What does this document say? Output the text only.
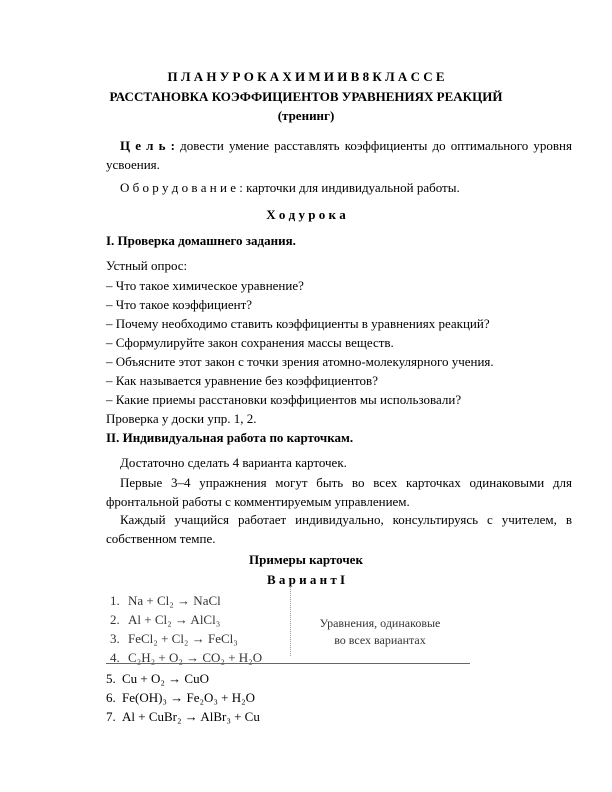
П Л А Н У Р О К А Х И М И И В 8 К Л А С С Е
РАССТАНОВКА КОЭФФИЦИЕНТОВ УРАВНЕНИЯХ РЕАКЦИЙ
(тренинг)
Ц е л ь : довести умение расставлять коэффициенты до оптимального уровня усвоения.
О б о р у д о в а н и е : карточки для индивидуальной работы.
Х о д у р о к а
I. Проверка домашнего задания.
Устный опрос:
– Что такое химическое уравнение?
– Что такое коэффициент?
– Почему необходимо ставить коэффициенты в уравнениях реакций?
– Сформулируйте закон сохранения массы веществ.
– Объясните этот закон с точки зрения атомно-молекулярного учения.
– Как называется уравнение без коэффициентов?
– Какие приемы расстановки коэффициентов мы использовали?
Проверка у доски упр. 1, 2.
II. Индивидуальная работа по карточкам.
Достаточно сделать 4 варианта карточек.
Первые 3–4 упражнения могут быть во всех карточках одинаковыми для фронтальной работы с комментируемым управлением.
Каждый учащийся работает индивидуально, консультируясь с учителем, в собственном темпе.
Примеры карточек
В а р и а н т I
1. Na + Cl₂ → NaCl
2. Al + Cl₂ → AlCl₃
3. FeCl₂ + Cl₂ → FeCl₃
4. C₂H₂ + O₂ → CO₂ + H₂O
Уравнения, одинаковые
во всех вариантах
5. Cu + O₂ → CuO
6. Fe(OH)₃ → Fe₂O₃ + H₂O
7. Al + CuBr₂ → AlBr₃ + Cu
